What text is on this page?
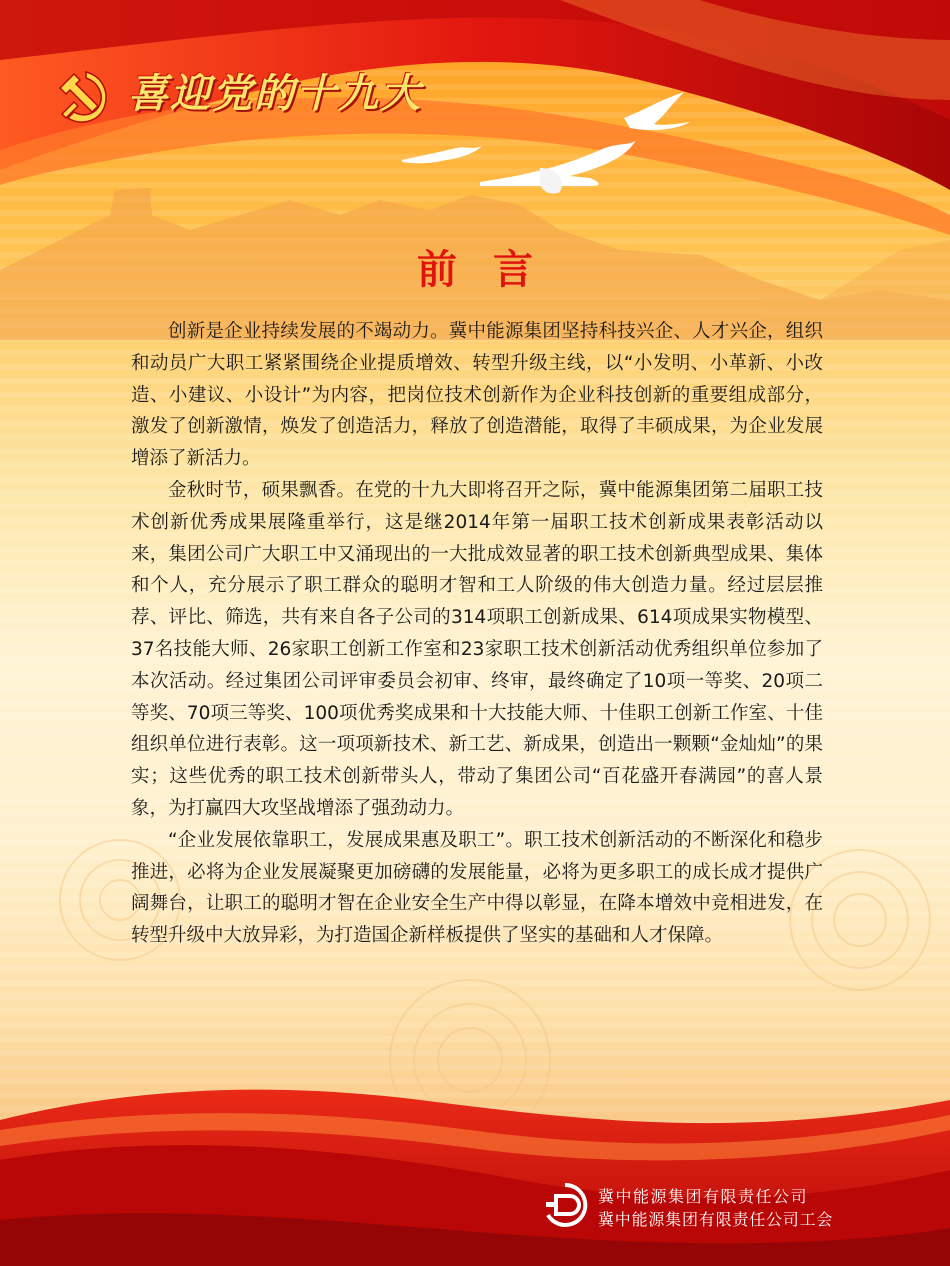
喜迎党的十九大
前言

创新是企业持续发展的不竭动力。冀中能源集团坚持科技兴企、人才兴企，组织和动员广大职工紧紧围绕企业提质增效、转型升级主线，以“小发明、小革新、小改造、小建议、小设计”为内容，把岗位技术创新作为企业科技创新的重要组成部分，激发了创新激情，焕发了创造活力，释放了创造潜能，取得了丰硕成果，为企业发展增添了新活力。

金秋时节，硕果飘香。在党的十九大即将召开之际，冀中能源集团第二届职工技术创新优秀成果展隆重举行，这是继2014年第一届职工技术创新成果表彰活动以来，集团公司广大职工中又涌现出的一大批成效显著的职工技术创新典型成果、集体和个人，充分展示了职工群众的聪明才智和工人阶级的伟大创造力量。经过层层推荐、评比、筛选，共有来自各子公司的314项职工创新成果、614项成果实物模型、37名技能大师、26家职工创新工作室和23家职工技术创新活动优秀组织单位参加了本次活动。经过集团公司评审委员会初审、终审，最终确定了10项一等奖、20项二等奖、70项三等奖、100项优秀奖成果和十大技能大师、十佳职工创新工作室、十佳组织单位进行表彰。这一项项新技术、新工艺、新成果，创造出一颗颗“金灿灿”的果实；这些优秀的职工技术创新带头人，带动了集团公司“百花盛开春满园”的喜人景象，为打赢四大攻坚战增添了强劲动力。

“企业发展依靠职工，发展成果惠及职工”。职工技术创新活动的不断深化和稳步推进，必将为企业发展凝聚更加磅礴的发展能量，必将为更多职工的成长成才提供广阔舞台，让职工的聪明才智在企业安全生产中得以彰显，在降本增效中竞相进发，在转型升级中大放异彩，为打造国企新样板提供了坚实的基础和人才保障。

冀中能源集团有限责任公司
冀中能源集团有限责任公司工会
